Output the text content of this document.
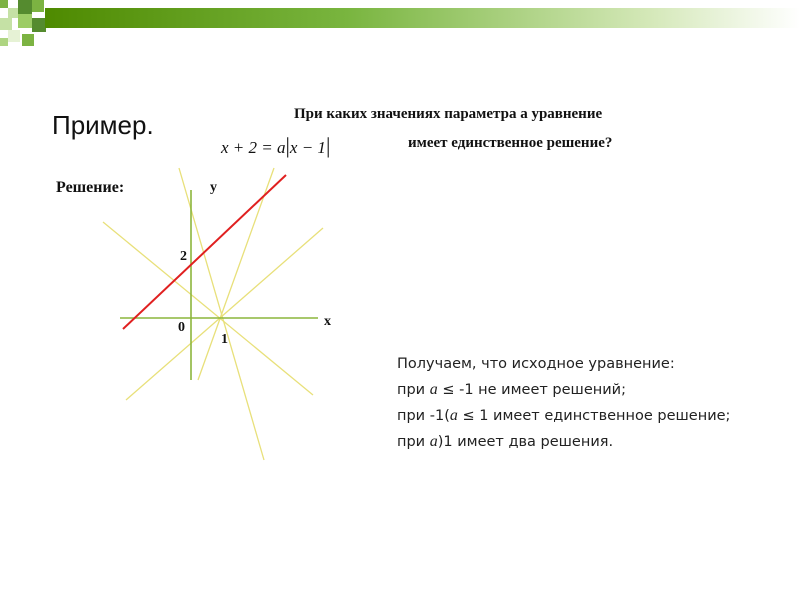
Пример.	При каких значениях параметра а уравнение
x + 2 = a|x − 1|	имеет единственное решение?
Решение:	y
x
0
1
2
Получаем, что исходное уравнение:
при a ≤ -1 не имеет решений;
при -1(a ≤ 1 имеет единственное решение;
при a)1 имеет два решения.
